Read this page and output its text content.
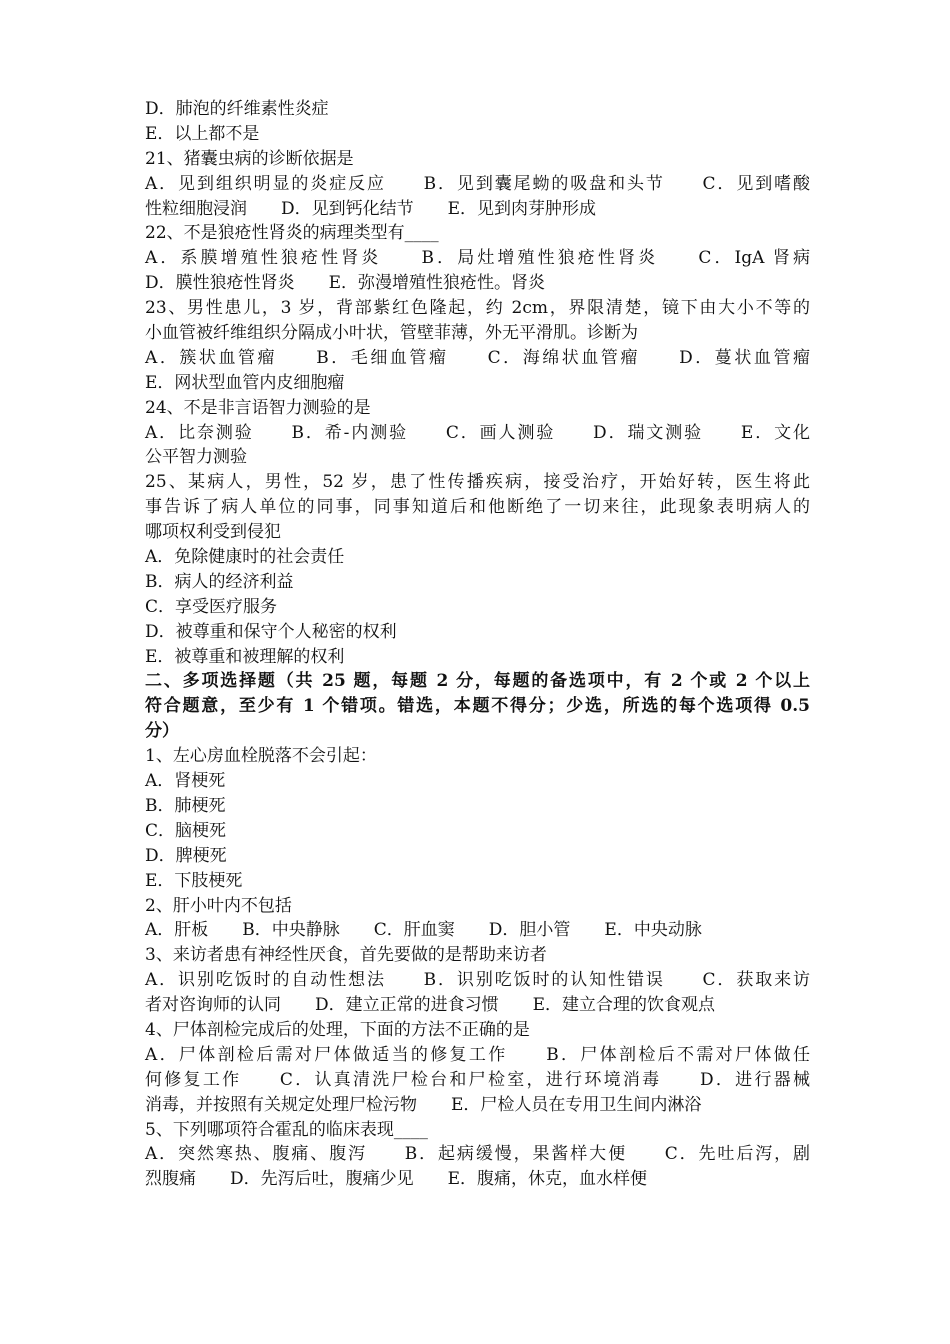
D．肺泡的纤维素性炎症
E．以上都不是
21、猪囊虫病的诊断依据是
A．见到组织明显的炎症反应　　B．见到囊尾蚴的吸盘和头节　　C．见到嗜酸
性粒细胞浸润　　D．见到钙化结节　　E．见到肉芽肿形成
22、不是狼疮性肾炎的病理类型有____
A．系膜增殖性狼疮性肾炎　　B．局灶增殖性狼疮性肾炎　　C．IgA 肾病
D．膜性狼疮性肾炎　　E．弥漫增殖性狼疮性。肾炎
23、男性患儿，3 岁，背部紫红色隆起，约 2cm，界限清楚，镜下由大小不等的
小血管被纤维组织分隔成小叶状，管壁菲薄，外无平滑肌。诊断为
A．簇状血管瘤　　B．毛细血管瘤　　C．海绵状血管瘤　　D．蔓状血管瘤
E．网状型血管内皮细胞瘤
24、不是非言语智力测验的是
A．比奈测验　　B．希-内测验　　C．画人测验　　D．瑞文测验　　E．文化
公平智力测验
25、某病人，男性，52 岁，患了性传播疾病，接受治疗，开始好转，医生将此
事告诉了病人单位的同事，同事知道后和他断绝了一切来往，此现象表明病人的
哪项权利受到侵犯
A．免除健康时的社会责任
B．病人的经济利益
C．享受医疗服务
D．被尊重和保守个人秘密的权利
E．被尊重和被理解的权利
二、多项选择题（共 25 题，每题 2 分，每题的备选项中，有 2 个或 2 个以上
符合题意，至少有 1 个错项。错选，本题不得分；少选，所选的每个选项得 0.5
分）
1、左心房血栓脱落不会引起：
A．肾梗死
B．肺梗死
C．脑梗死
D．脾梗死
E．下肢梗死
2、肝小叶内不包括
A．肝板　　B．中央静脉　　C．肝血窦　　D．胆小管　　E．中央动脉
3、来访者患有神经性厌食，首先要做的是帮助来访者
A．识别吃饭时的自动性想法　　B．识别吃饭时的认知性错误　　C．获取来访
者对咨询师的认同　　D．建立正常的进食习惯　　E．建立合理的饮食观点
4、尸体剖检完成后的处理，下面的方法不正确的是
A．尸体剖检后需对尸体做适当的修复工作　　B．尸体剖检后不需对尸体做任
何修复工作　　C．认真清洗尸检台和尸检室，进行环境消毒　　D．进行器械
消毒，并按照有关规定处理尸检污物　　E．尸检人员在专用卫生间内淋浴
5、下列哪项符合霍乱的临床表现____
A．突然寒热、腹痛、腹泻　　B．起病缓慢，果酱样大便　　C．先吐后泻，剧
烈腹痛　　D．先泻后吐，腹痛少见　　E．腹痛，休克，血水样便
